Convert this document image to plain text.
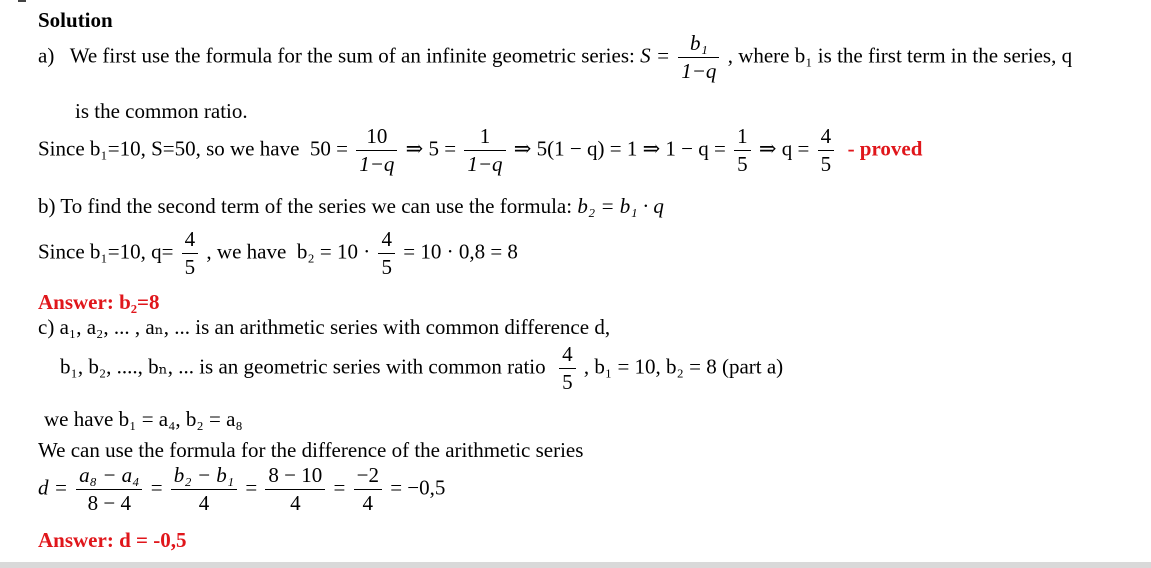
Solution
a) We first use the formula for the sum of an infinite geometric series: $S = \frac{\text{b₁}}{1-q}$ , where b₁ is the first term in the series, q
is the common ratio.
Since b₁=10, S=50, so we have $50 = \frac{10}{1-q}$ ⇒ $5 = \frac{1}{1-q}$ ⇒ 5(1 − q) = 1 ⇒ $1 - q = \frac{1}{5}$ ⇒ $q = \frac{4}{5}$ - proved
b) To find the second term of the series we can use the formula: b₂ = b₁ · q
Since b₁=10, $q= \frac{4}{5}$ , we have $b_2 = 10 \cdot \frac{4}{5} = 10 \cdot 0,8 = 8$
Answer: b₂=8
c) a₁, a₂, ... , aₙ, ... is an arithmetic series with common difference d,
b₁, b₂, ...., bₙ, ... is an geometric series with common ratio $\frac{4}{5}$ , b₁ = 10, b₂ = 8 (part a)
we have b₁ = a₄, b₂ = a₈
We can use the formula for the difference of the arithmetic series
$d = \frac{\text{a₈ − a₄}}{8 - 4} = \frac{\text{b₂ − b₁}}{4} = \frac{8 - 10}{4} = \frac{-2}{4} = -0,5$
Answer: d = -0,5
